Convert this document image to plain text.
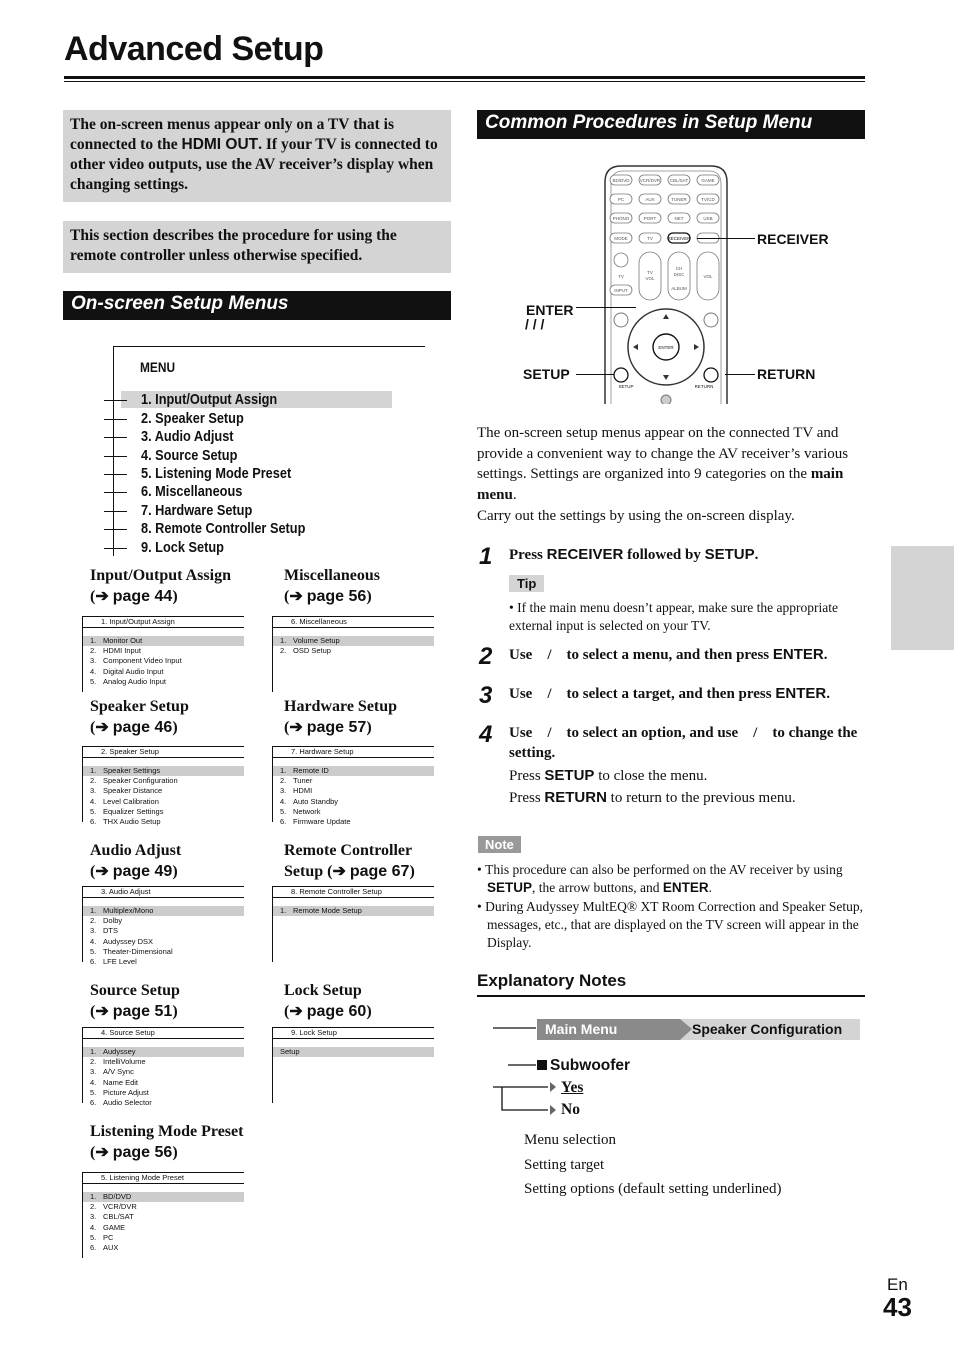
Advanced Setup
The on-screen menus appear only on a TV that is connected to the HDMI OUT. If your TV is connected to other video outputs, use the AV receiver’s display when changing settings.
This section describes the procedure for using the remote controller unless otherwise specified.
On-screen Setup Menus
MENU
1. Input/Output Assign
2. Speaker Setup
3. Audio Adjust
4. Source Setup
5. Listening Mode Preset
6. Miscellaneous
7. Hardware Setup
8. Remote Controller Setup
9. Lock Setup
Input/Output Assign
(➔ page 44)
1. Input/Output Assign
1. Monitor Out
2. HDMI Input
3. Component Video Input
4. Digital Audio Input
5. Analog Audio Input
Miscellaneous
(➔ page 56)
6. Miscellaneous
1. Volume Setup
2. OSD Setup
Speaker Setup
(➔ page 46)
2. Speaker Setup
1. Speaker Settings
2. Speaker Configuration
3. Speaker Distance
4. Level Calibration
5. Equalizer Settings
6. THX Audio Setup
Hardware Setup
(➔ page 57)
7. Hardware Setup
1. Remote ID
2. Tuner
3. HDMI
4. Auto Standby
5. Network
6. Firmware Update
Audio Adjust
(➔ page 49)
3. Audio Adjust
1. Multiplex/Mono
2. Dolby
3. DTS
4. Audyssey DSX
5. Theater-Dimensional
6. LFE Level
Remote Controller
Setup (➔ page 67)
8. Remote Controller Setup
1. Remote Mode Setup
Source Setup
(➔ page 51)
4. Source Setup
1. Audyssey
2. IntelliVolume
3. A/V Sync
4. Name Edit
5. Picture Adjust
6. Audio Selector
Lock Setup
(➔ page 60)
9. Lock Setup
Setup
Listening Mode Preset
(➔ page 56)
5. Listening Mode Preset
1. BD/DVD
2. VCR/DVR
3. CBL/SAT
4. GAME
5. PC
6. AUX
Common Procedures in Setup Menu
BD/DVD VCR/DVR CBL/SAT	GAME
PC	AUX	TUNER	TV/CD
PHONO	PORT	NET	USB
MODE	TV	RECEIVER
TV
TV
VOL
CH
DISC	VOL
INPUT	ALBUM
ENTER
SETUP	RETURN
RECEIVER
ENTER
/ / /
SETUP	RETURN
The on-screen setup menus appear on the connected TV and provide a convenient way to change the AV receiver’s various settings. Settings are organized into 9 categories on the main menu.
Carry out the settings by using the on-screen display.
1 Press RECEIVER followed by SETUP.
Tip
• If the main menu doesn’t appear, make sure the appropriate external input is selected on your TV.
2 Use    /    to select a menu, and then press ENTER.
3 Use    /    to select a target, and then press ENTER.
4 Use    /    to select an option, and use    /    to change the setting.
Press SETUP to close the menu.
Press RETURN to return to the previous menu.
Note
• This procedure can also be performed on the AV receiver by using SETUP, the arrow buttons, and ENTER.
• During Audyssey MultEQ® XT Room Correction and Speaker Setup, messages, etc., that are displayed on the TV screen will appear in the Display.
Explanatory Notes
Main Menu	Speaker Configuration
Subwoofer
Yes
No
Menu selection
Setting target
Setting options (default setting underlined)
En
43
